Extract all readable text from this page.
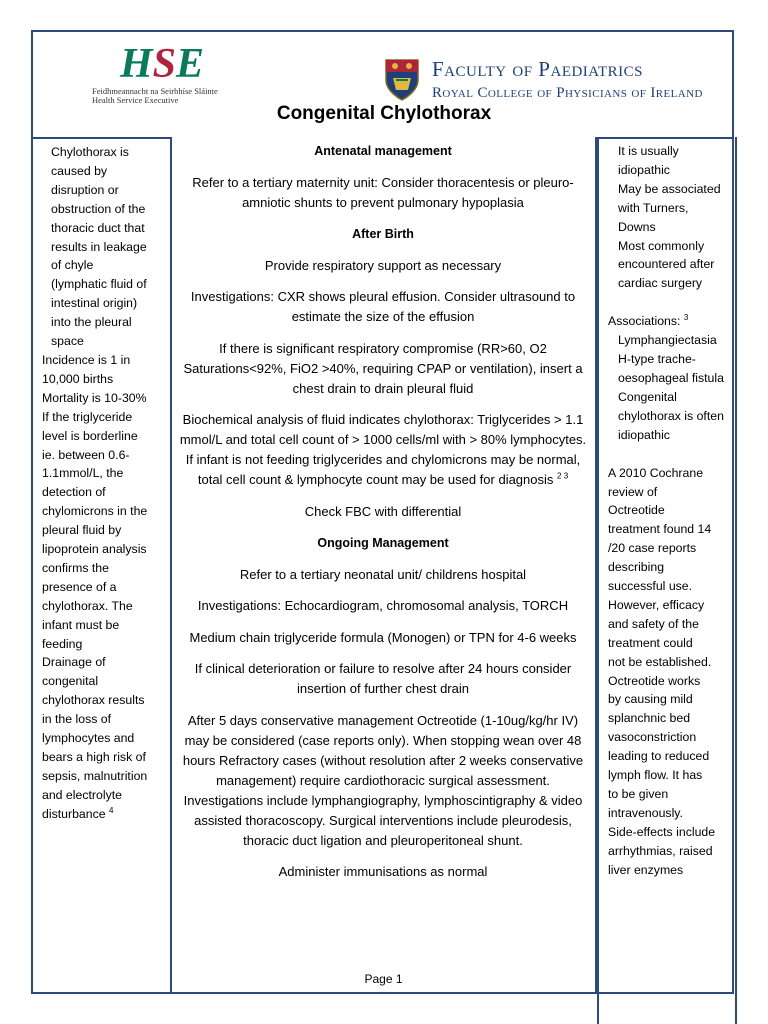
HSE
Feidhmeannacht na Seirbhíse Sláinte
Health Service Executive
Faculty of Paediatrics
Royal College of Physicians of Ireland
Congenital Chylothorax

Chylothorax is

caused by

disruption or

obstruction of the

thoracic duct that

results in leakage

of chyle

(lymphatic fluid of

intestinal origin)

into the pleural

space

Incidence is 1 in

10,000 births

Mortality is 10-30%

If the triglyceride

level is borderline

ie. between 0.6-

1.1mmol/L, the

detection of

chylomicrons in the

pleural fluid by

lipoprotein analysis

confirms the

presence of a

chylothorax. The

infant must be

feeding

Drainage of

congenital

chylothorax results

in the loss of

lymphocytes and

bears a high risk of

sepsis, malnutrition

and electrolyte

disturbance $^4$

Antenatal management

Refer to a tertiary maternity unit: Consider thoracentesis or pleuro-amniotic shunts to prevent pulmonary hypoplasia

After Birth

Provide respiratory support as necessary

Investigations: CXR shows pleural effusion. Consider ultrasound to estimate the size of the effusion

If there is significant respiratory compromise (RR>60, O2 Saturations<92%, FiO2 >40%, requiring CPAP or ventilation), insert a chest drain to drain pleural fluid

Biochemical analysis of fluid indicates chylothorax: Triglycerides > 1.1 mmol/L and total cell count of > 1000 cells/ml with > 80% lymphocytes. If infant is not feeding triglycerides and chylomicrons may be normal, total cell count & lymphocyte count may be used for diagnosis $^{2 3}$

Check FBC with differential

Ongoing Management

Refer to a tertiary neonatal unit/ childrens hospital

Investigations: Echocardiogram, chromosomal analysis, TORCH

Medium chain triglyceride formula (Monogen) or TPN for 4-6 weeks

If clinical deterioration or failure to resolve after 24 hours consider insertion of further chest drain

After 5 days conservative management Octreotide (1-10ug/kg/hr IV) may be considered (case reports only). When stopping wean over 48 hours Refractory cases (without resolution after 2 weeks conservative management) require cardiothoracic surgical assessment. Investigations include lymphangiography, lymphoscintigraphy & video assisted thoracoscopy. Surgical interventions include pleurodesis, thoracic duct ligation and pleuroperitoneal shunt.

Administer immunisations as normal

Page 1

It is usually

idiopathic

May be associated

with Turners,

Downs

Most commonly

encountered after

cardiac surgery

Associations: $^3$

Lymphangiectasia

H-type trache-

oesophageal fistula

Congenital

chylothorax is often

idiopathic

A 2010 Cochrane

review of

Octreotide

treatment found 14

/20 case reports

describing

successful use.

However, efficacy

and safety of the

treatment could

not be established.

Octreotide works

by causing mild

splanchnic bed

vasoconstriction

leading to reduced

lymph flow. It has

to be given

intravenously.

Side-effects include

arrhythmias, raised

liver enzymes
